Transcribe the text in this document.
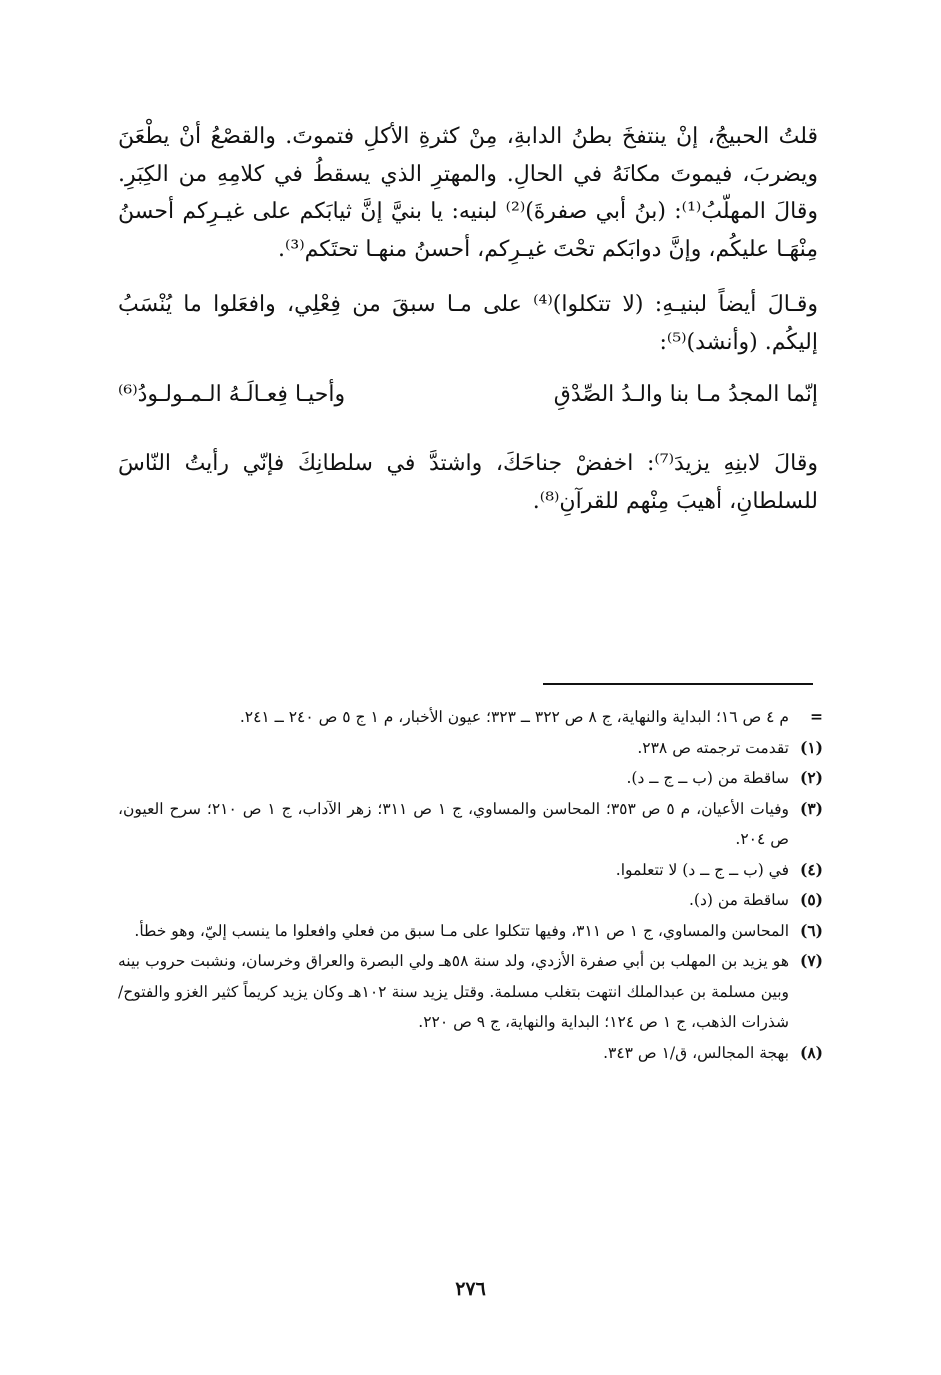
قلتُ الحبيجُ، إنْ ينتفخَ بطنُ الدابةِ، مِنْ كثرةِ الأكلِ فتموتَ. والقصْعُ أنْ يطْعَنَ ويضربَ، فيموتَ مكانَهُ في الحالِ. والمهترِ الذي يسقطُ في كلامِهِ من الكِبَرِ. وقالَ المهلّبُ⁽¹⁾: (بنُ أبي صفرةَ)⁽²⁾ لبنيه: يا بنيَّ إنَّ ثيابَكم على غيـرِكم أحسنُ مِنْهَـا عليكُم، وإنَّ دوابَكم تحْتَ غيـرِكم، أحسنُ منهـا تحتَكم⁽³⁾.

وقـالَ أيضاً لبنيـهِ: (لا تتكلوا)⁽⁴⁾ على مـا سبقَ من فِعْلِي، وافعَلوا ما يُنْسَبُ إليكُم. (وأنشد)⁽⁵⁾:

إنّما المجدُ مـا بنا والـدُ الصِّدْقِ
وأحيـا فِعـالَـهُ الـمـولـودُ⁽⁶⁾

وقالَ لابنِهِ يزيدَ⁽⁷⁾: اخفضْ جناحَكَ، واشتدَّ في سلطانِكَ فإنّي رأيتُ النّاسَ للسلطانِ، أهيبَ مِنْهم للقرآنِ⁽⁸⁾.

=
م ٤ ص ١٦؛ البداية والنهاية، ج ٨ ص ٣٢٢ ــ ٣٢٣؛ عيون الأخبار، م ١ ج ٥ ص ٢٤٠ ــ ٢٤١.
(١)
تقدمت ترجمته ص ٢٣٨.
(٢)
ساقطة من (ب ــ ج ــ د).
(٣)
وفيات الأعيان، م ٥ ص ٣٥٣؛ المحاسن والمساوي، ج ١ ص ٣١١؛ زهر الآداب، ج ١ ص ٢١٠؛ سرح العيون، ص ٢٠٤.
(٤)
في (ب ــ ج ــ د) لا تتعلموا.
(٥)
ساقطة من (د).
(٦)
المحاسن والمساوي، ج ١ ص ٣١١، وفيها تتكلوا على مـا سبق من فعلي وافعلوا ما ينسب إليّ، وهو خطأ.
(٧)
هو يزيد بن المهلب بن أبي صفرة الأزدي، ولد سنة ٥٨هـ ولي البصرة والعراق وخرسان، ونشبت حروب بينه وبين مسلمة بن عبدالملك انتهت بتغلب مسلمة. وقتل يزيد سنة ١٠٢هـ وكان يزيد كريماً كثير الغزو والفتوح/ شذرات الذهب، ج ١ ص ١٢٤؛ البداية والنهاية، ج ٩ ص ٢٢٠.
(٨)
بهجة المجالس، ق/١ ص ٣٤٣.
٢٧٦
